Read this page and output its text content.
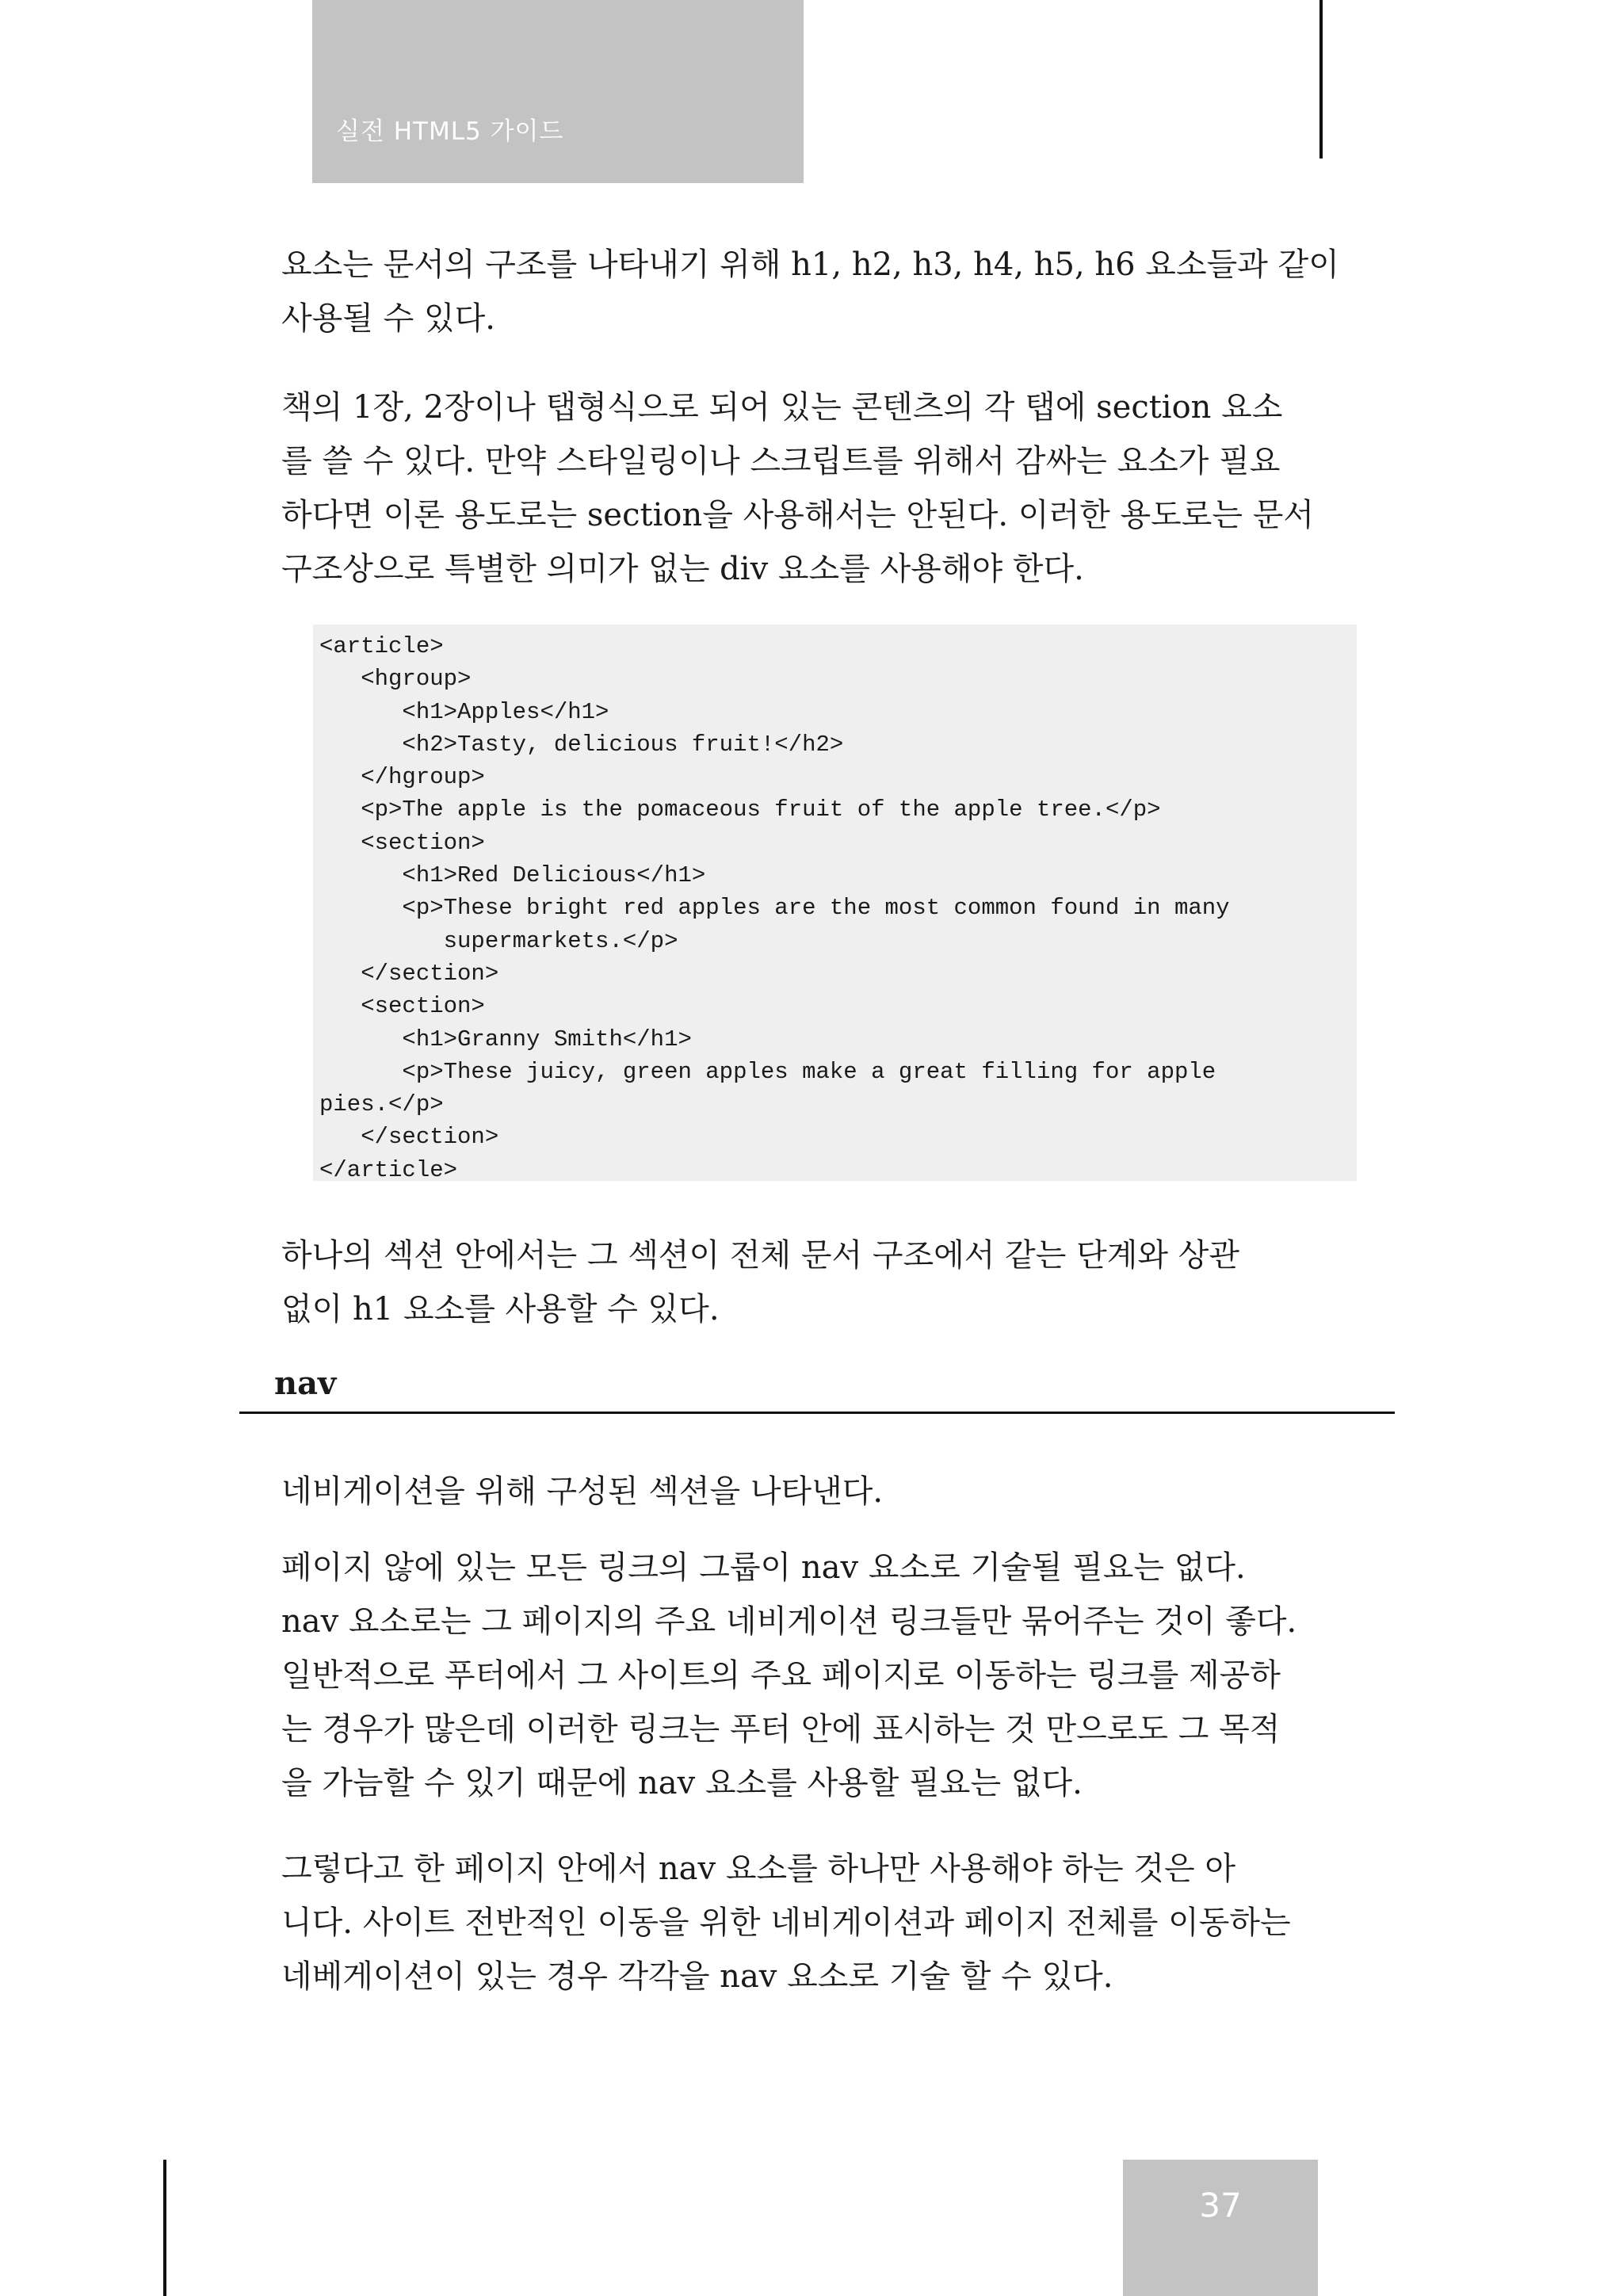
실전 HTML5 가이드

요소는 문서의 구조를 나타내기 위해 h1, h2, h3, h4, h5, h6 요소들과 같이
사용될 수 있다.

책의 1장, 2장이나 탭형식으로 되어 있는 콘텐츠의 각 탭에 section 요소
를 쓸 수 있다. 만약 스타일링이나 스크립트를 위해서 감싸는 요소가 필요
하다면 이론 용도로는 section을 사용해서는 안된다. 이러한 용도로는 문서
구조상으로 특별한 의미가 없는 div 요소를 사용해야 한다.

<article>
<hgroup>
<h1>Apples</h1>
<h2>Tasty, delicious fruit!</h2>
</hgroup>
<p>The apple is the pomaceous fruit of the apple tree.</p>
<section>
<h1>Red Delicious</h1>
<p>These bright red apples are the most common found in many
supermarkets.</p>
</section>
<section>
<h1>Granny Smith</h1>
<p>These juicy, green apples make a great filling for apple
pies.</p>
</section>
</article>

하나의 섹션 안에서는 그 섹션이 전체 문서 구조에서 같는 단계와 상관
없이 h1 요소를 사용할 수 있다.

nav

네비게이션을 위해 구성된 섹션을 나타낸다.

페이지 않에 있는 모든 링크의 그룹이 nav 요소로 기술될 필요는 없다.
nav 요소로는 그 페이지의 주요 네비게이션 링크들만 묶어주는 것이 좋다.
일반적으로 푸터에서 그 사이트의 주요 페이지로 이동하는 링크를 제공하
는 경우가 많은데 이러한 링크는 푸터 안에 표시하는 것 만으로도 그 목적
을 가늠할 수 있기 때문에 nav 요소를 사용할 필요는 없다.

그렇다고 한 페이지 안에서 nav 요소를 하나만 사용해야 하는 것은 아
니다. 사이트 전반적인 이동을 위한 네비게이션과 페이지 전체를 이동하는
네베게이션이 있는 경우 각각을 nav 요소로 기술 할 수 있다.

37
